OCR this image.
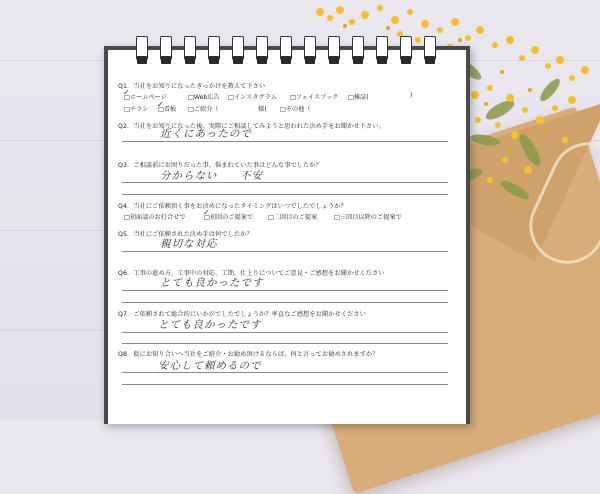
Q1．当社をお知りになったきっかけを教えて下さい
□ホームページ	□Web広告 □インスタグラム □フェイスブック □雑誌(	)
□チラシ □看板 □ご紹介（	様) □その他（
✓
✓
Q2．当社をお知りになった後、実際にご相談してみようと思われた決め手をお聞かせ下さい。
近くにあったので
Q3．ご相談前にお困りだった事、悩まれていた事はどんな事でしたか？
分からない 不安
Q4．当社にご依頼頂く事をお決めになったタイミングはいつでしたでしょうか？
□初面談のお打合せで	□初回のご提案で □二回目のご提案	□三回目以降のご提案で
✓
Q5．当社にご依頼された決め手は何でしたか？
親切な対応
Q6．工事の進め方、工事中の対応、工期、仕上りについてご意見・ご感想をお聞かせください
とても良かったです
Q7．ご依頼されて総合的にいかがでしたでしょうか？率直なご感想をお聞かせください
とても良かったです
Q8．仮にお知り合いへ当社をご紹介・お勧め頂けるならば、何と言ってお勧めされますか？
安心して頼めるので
